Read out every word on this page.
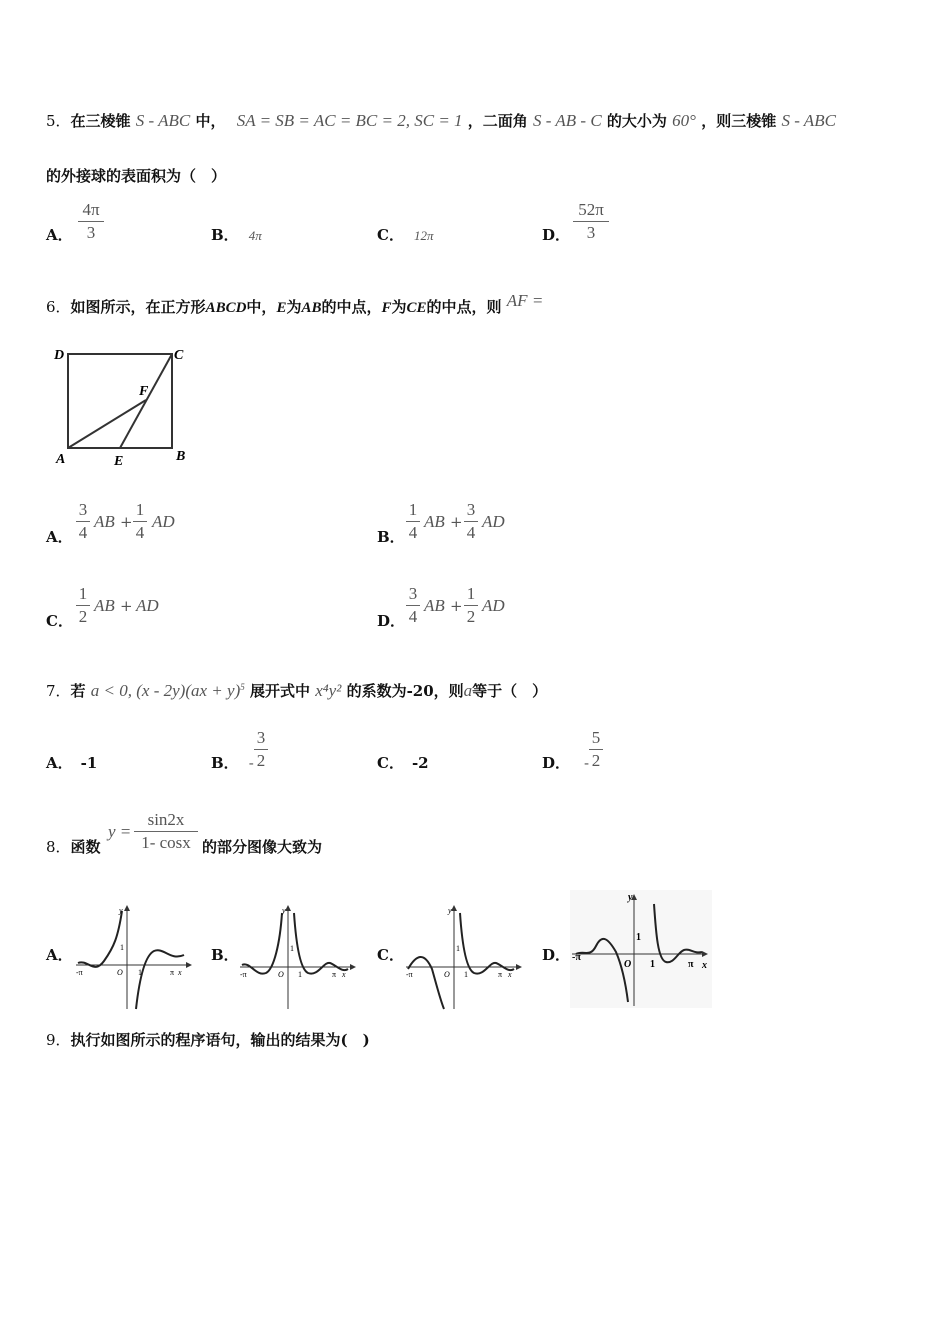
5．在三棱锥 S - ABC 中， SA = SB = AC = BC = 2, SC = 1 ，二面角 S - AB - C 的大小为 60° ，则三棱锥 S - ABC
的外接球的表面积为（　）
A．
4π
3	B． 4π	C． 12π	D．
52π
3
6．如图所示，在正方形ABCD中，E为AB的中点，F为CE的中点，则 AF =
D	C
F
A	E	B
A．
3
4
AB +
1
4
AD
B．
1
4
AB +
3
4
AD
C．
1
2
AB + AD
D．
3
4
AB +
1
2
AD
7．若 a < 0, (x - 2y)(ax + y)$^5$ 展开式中 x⁴y² 的系数为-20，则a等于（　）
A． -1	B． -
3
2	C． -2	D． -
5
2
8．函数
y =
sin2x
1- cosx 的部分图像大致为
A．	B．	C．	D．
y
x
O
1
1
-π	π
y
x
O
1
1
-π	π
y
x
O
1
1
-π	π
y
x
O
1
1
-π
π
9．执行如图所示的程序语句，输出的结果为(　)
